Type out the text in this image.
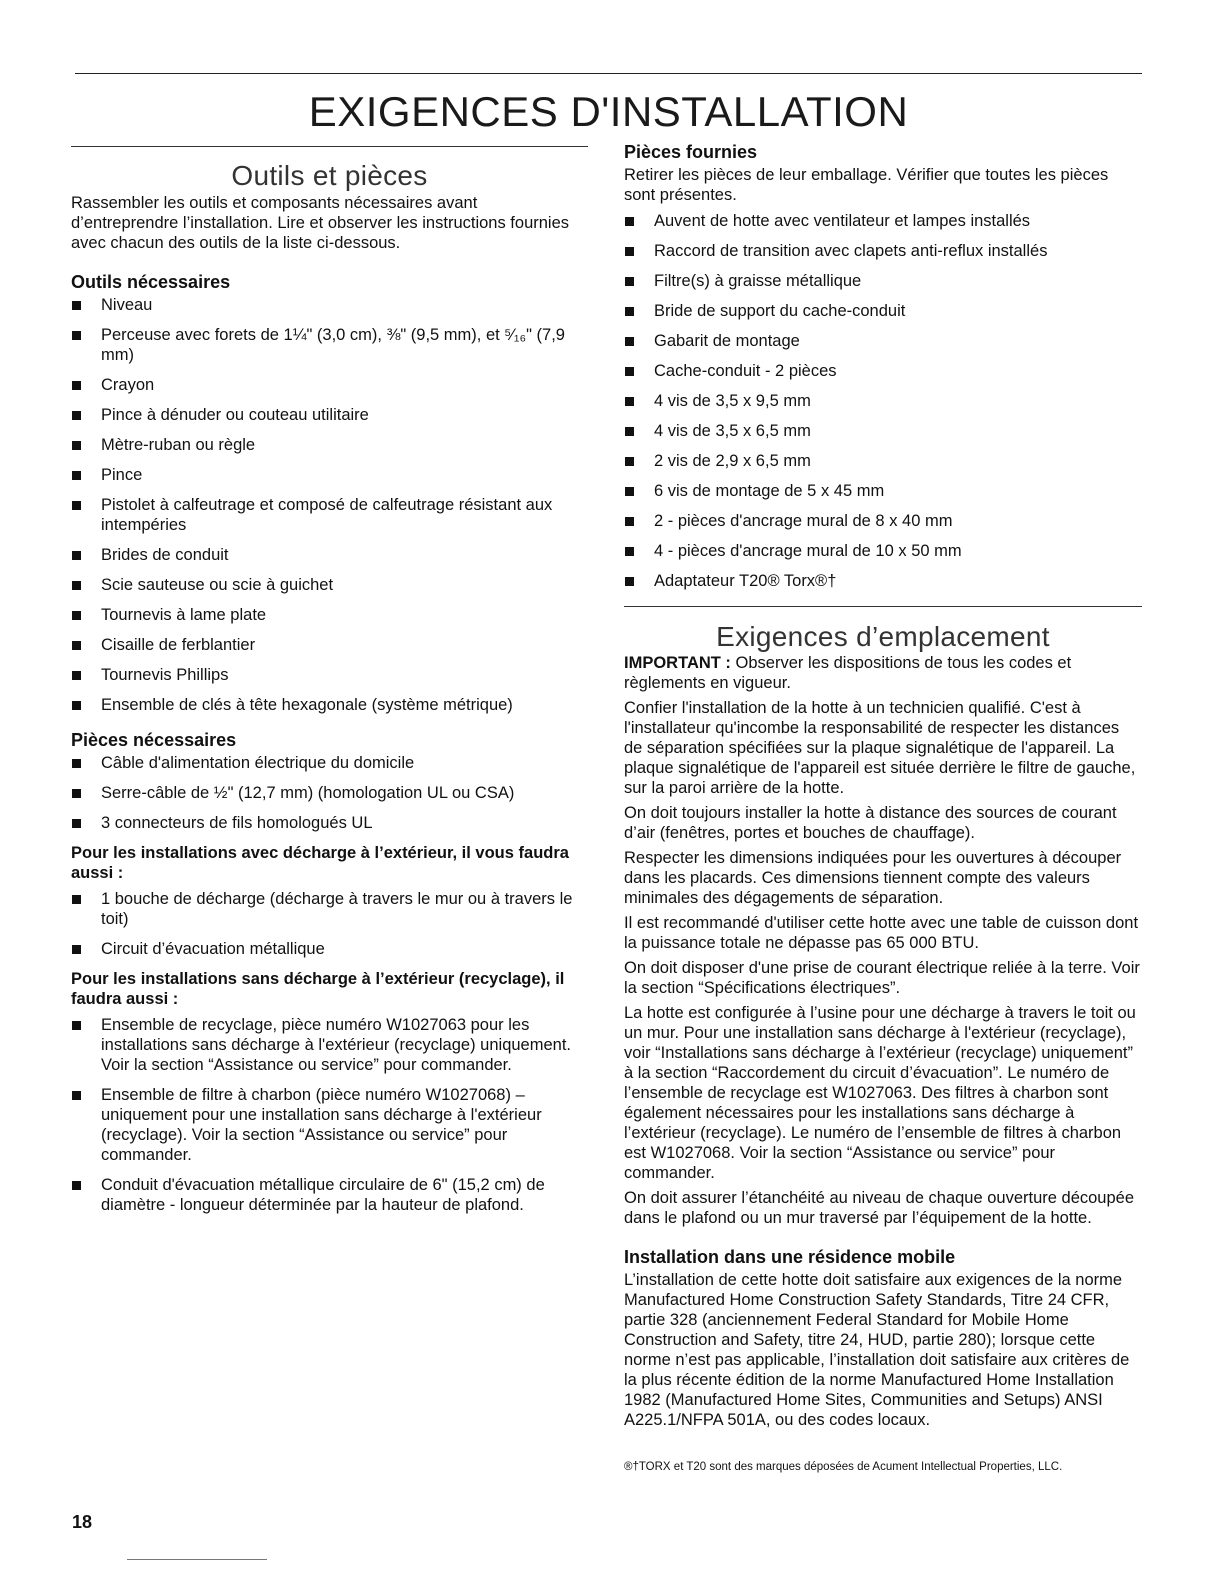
EXIGENCES D'INSTALLATION
Outils et pièces

Rassembler les outils et composants nécessaires avant d’entreprendre l’installation. Lire et observer les instructions fournies avec chacun des outils de la liste ci-dessous.

Outils nécessaires
Niveau
Perceuse avec forets de 1¼" (3,0 cm), ⅜" (9,5 mm), et ⁵⁄₁₆" (7,9 mm)
Crayon
Pince à dénuder ou couteau utilitaire
Mètre-ruban ou règle
Pince
Pistolet à calfeutrage et composé de calfeutrage résistant aux intempéries
Brides de conduit
Scie sauteuse ou scie à guichet
Tournevis à lame plate
Cisaille de ferblantier
Tournevis Phillips
Ensemble de clés à tête hexagonale (système métrique)
Pièces nécessaires
Câble d'alimentation électrique du domicile
Serre-câble de ½" (12,7 mm) (homologation UL ou CSA)
3 connecteurs de fils homologués UL
Pour les installations avec décharge à l’extérieur, il vous faudra aussi :
1 bouche de décharge (décharge à travers le mur ou à travers le toit)
Circuit d’évacuation métallique
Pour les installations sans décharge à l’extérieur (recyclage), il faudra aussi :
Ensemble de recyclage, pièce numéro W1027063 pour les installations sans décharge à l'extérieur (recyclage) uniquement. Voir la section “Assistance ou service” pour commander.
Ensemble de filtre à charbon (pièce numéro W1027068) – uniquement pour une installation sans décharge à l'extérieur (recyclage). Voir la section “Assistance ou service” pour commander.
Conduit d'évacuation métallique circulaire de 6" (15,2 cm) de diamètre - longueur déterminée par la hauteur de plafond.
Pièces fournies

Retirer les pièces de leur emballage. Vérifier que toutes les pièces sont présentes.

Auvent de hotte avec ventilateur et lampes installés
Raccord de transition avec clapets anti-reflux installés
Filtre(s) à graisse métallique
Bride de support du cache-conduit
Gabarit de montage
Cache-conduit - 2 pièces
4 vis de 3,5 x 9,5 mm
4 vis de 3,5 x 6,5 mm
2 vis de 2,9 x 6,5 mm
6 vis de montage de 5 x 45 mm
2 - pièces d'ancrage mural de 8 x 40 mm
4 - pièces d'ancrage mural de 10 x 50 mm
Adaptateur T20® Torx®†
Exigences d’emplacement

IMPORTANT : Observer les dispositions de tous les codes et règlements en vigueur.

Confier l'installation de la hotte à un technicien qualifié. C'est à l'installateur qu'incombe la responsabilité de respecter les distances de séparation spécifiées sur la plaque signalétique de l'appareil. La plaque signalétique de l'appareil est située derrière le filtre de gauche, sur la paroi arrière de la hotte.

On doit toujours installer la hotte à distance des sources de courant d’air (fenêtres, portes et bouches de chauffage).

Respecter les dimensions indiquées pour les ouvertures à découper dans les placards. Ces dimensions tiennent compte des valeurs minimales des dégagements de séparation.

Il est recommandé d'utiliser cette hotte avec une table de cuisson dont la puissance totale ne dépasse pas 65 000 BTU.

On doit disposer d'une prise de courant électrique reliée à la terre. Voir la section “Spécifications électriques”.

La hotte est configurée à l’usine pour une décharge à travers le toit ou un mur. Pour une installation sans décharge à l'extérieur (recyclage), voir “Installations sans décharge à l’extérieur (recyclage) uniquement” à la section “Raccordement du circuit d’évacuation”. Le numéro de l’ensemble de recyclage est W1027063. Des filtres à charbon sont également nécessaires pour les installations sans décharge à l’extérieur (recyclage). Le numéro de l’ensemble de filtres à charbon est W1027068. Voir la section “Assistance ou service” pour commander.

On doit assurer l’étanchéité au niveau de chaque ouverture découpée dans le plafond ou un mur traversé par l’équipement de la hotte.

Installation dans une résidence mobile

L’installation de cette hotte doit satisfaire aux exigences de la norme Manufactured Home Construction Safety Standards, Titre 24 CFR, partie 328 (anciennement Federal Standard for Mobile Home Construction and Safety, titre 24, HUD, partie 280); lorsque cette norme n’est pas applicable, l’installation doit satisfaire aux critères de la plus récente édition de la norme Manufactured Home Installation 1982 (Manufactured Home Sites, Communities and Setups) ANSI A225.1/NFPA 501A, ou des codes locaux.

®†TORX et T20 sont des marques déposées de Acument Intellectual Properties, LLC.

18
